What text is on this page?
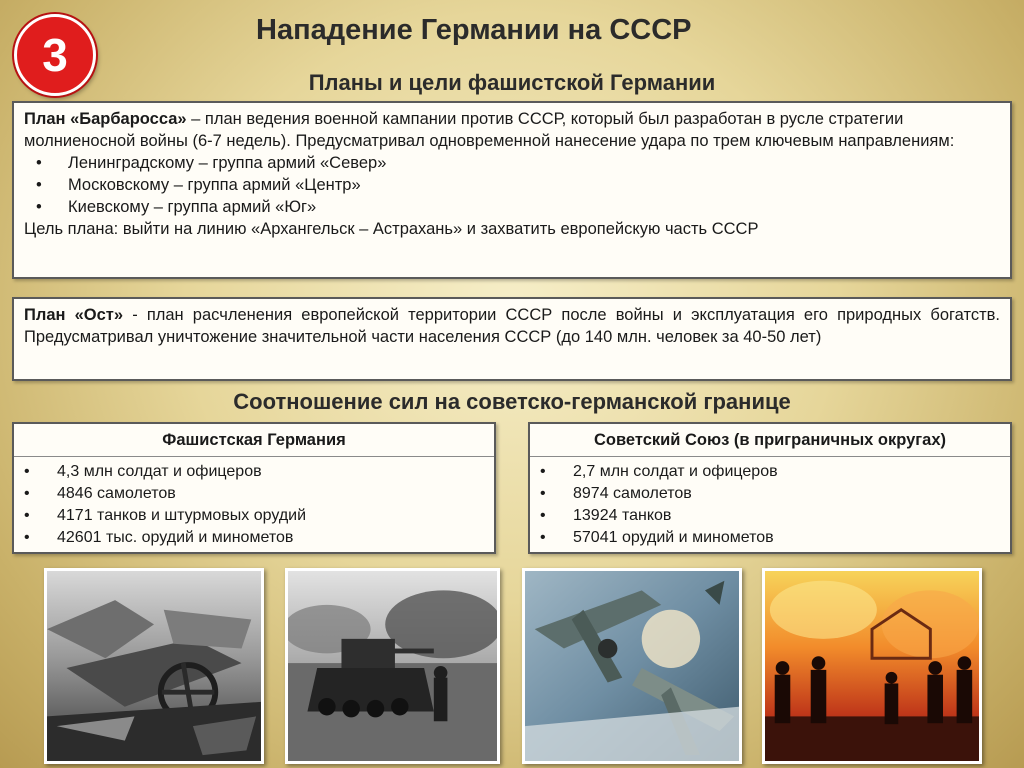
3	Нападение Германии на СССР
Планы и цели фашистской Германии
План «Барбаросса» – план ведения военной кампании против СССР, который был разработан в русле стратегии молниеносной войны (6-7 недель). Предусматривал одновременной нанесение удара по трем ключевым направлениям:
• Ленинградскому – группа армий «Север»
• Московскому – группа армий «Центр»
• Киевскому – группа армий «Юг»
Цель плана: выйти на линию «Архангельск – Астрахань» и захватить европейскую часть СССР
План «Ост» - план расчленения европейской территории СССР после войны и эксплуатация его природных богатств. Предусматривал уничтожение значительной части населения СССР (до 140 млн. человек за 40-50 лет)
Соотношение сил на советско-германской границе
Фашистская Германия
• 4,3 млн солдат и офицеров
• 4846 самолетов
• 4171 танков и штурмовых орудий
• 42601 тыс. орудий и минометов
Советский Союз (в приграничных округах)
• 2,7 млн солдат и офицеров
• 8974 самолетов
• 13924 танков
• 57041 орудий и минометов
